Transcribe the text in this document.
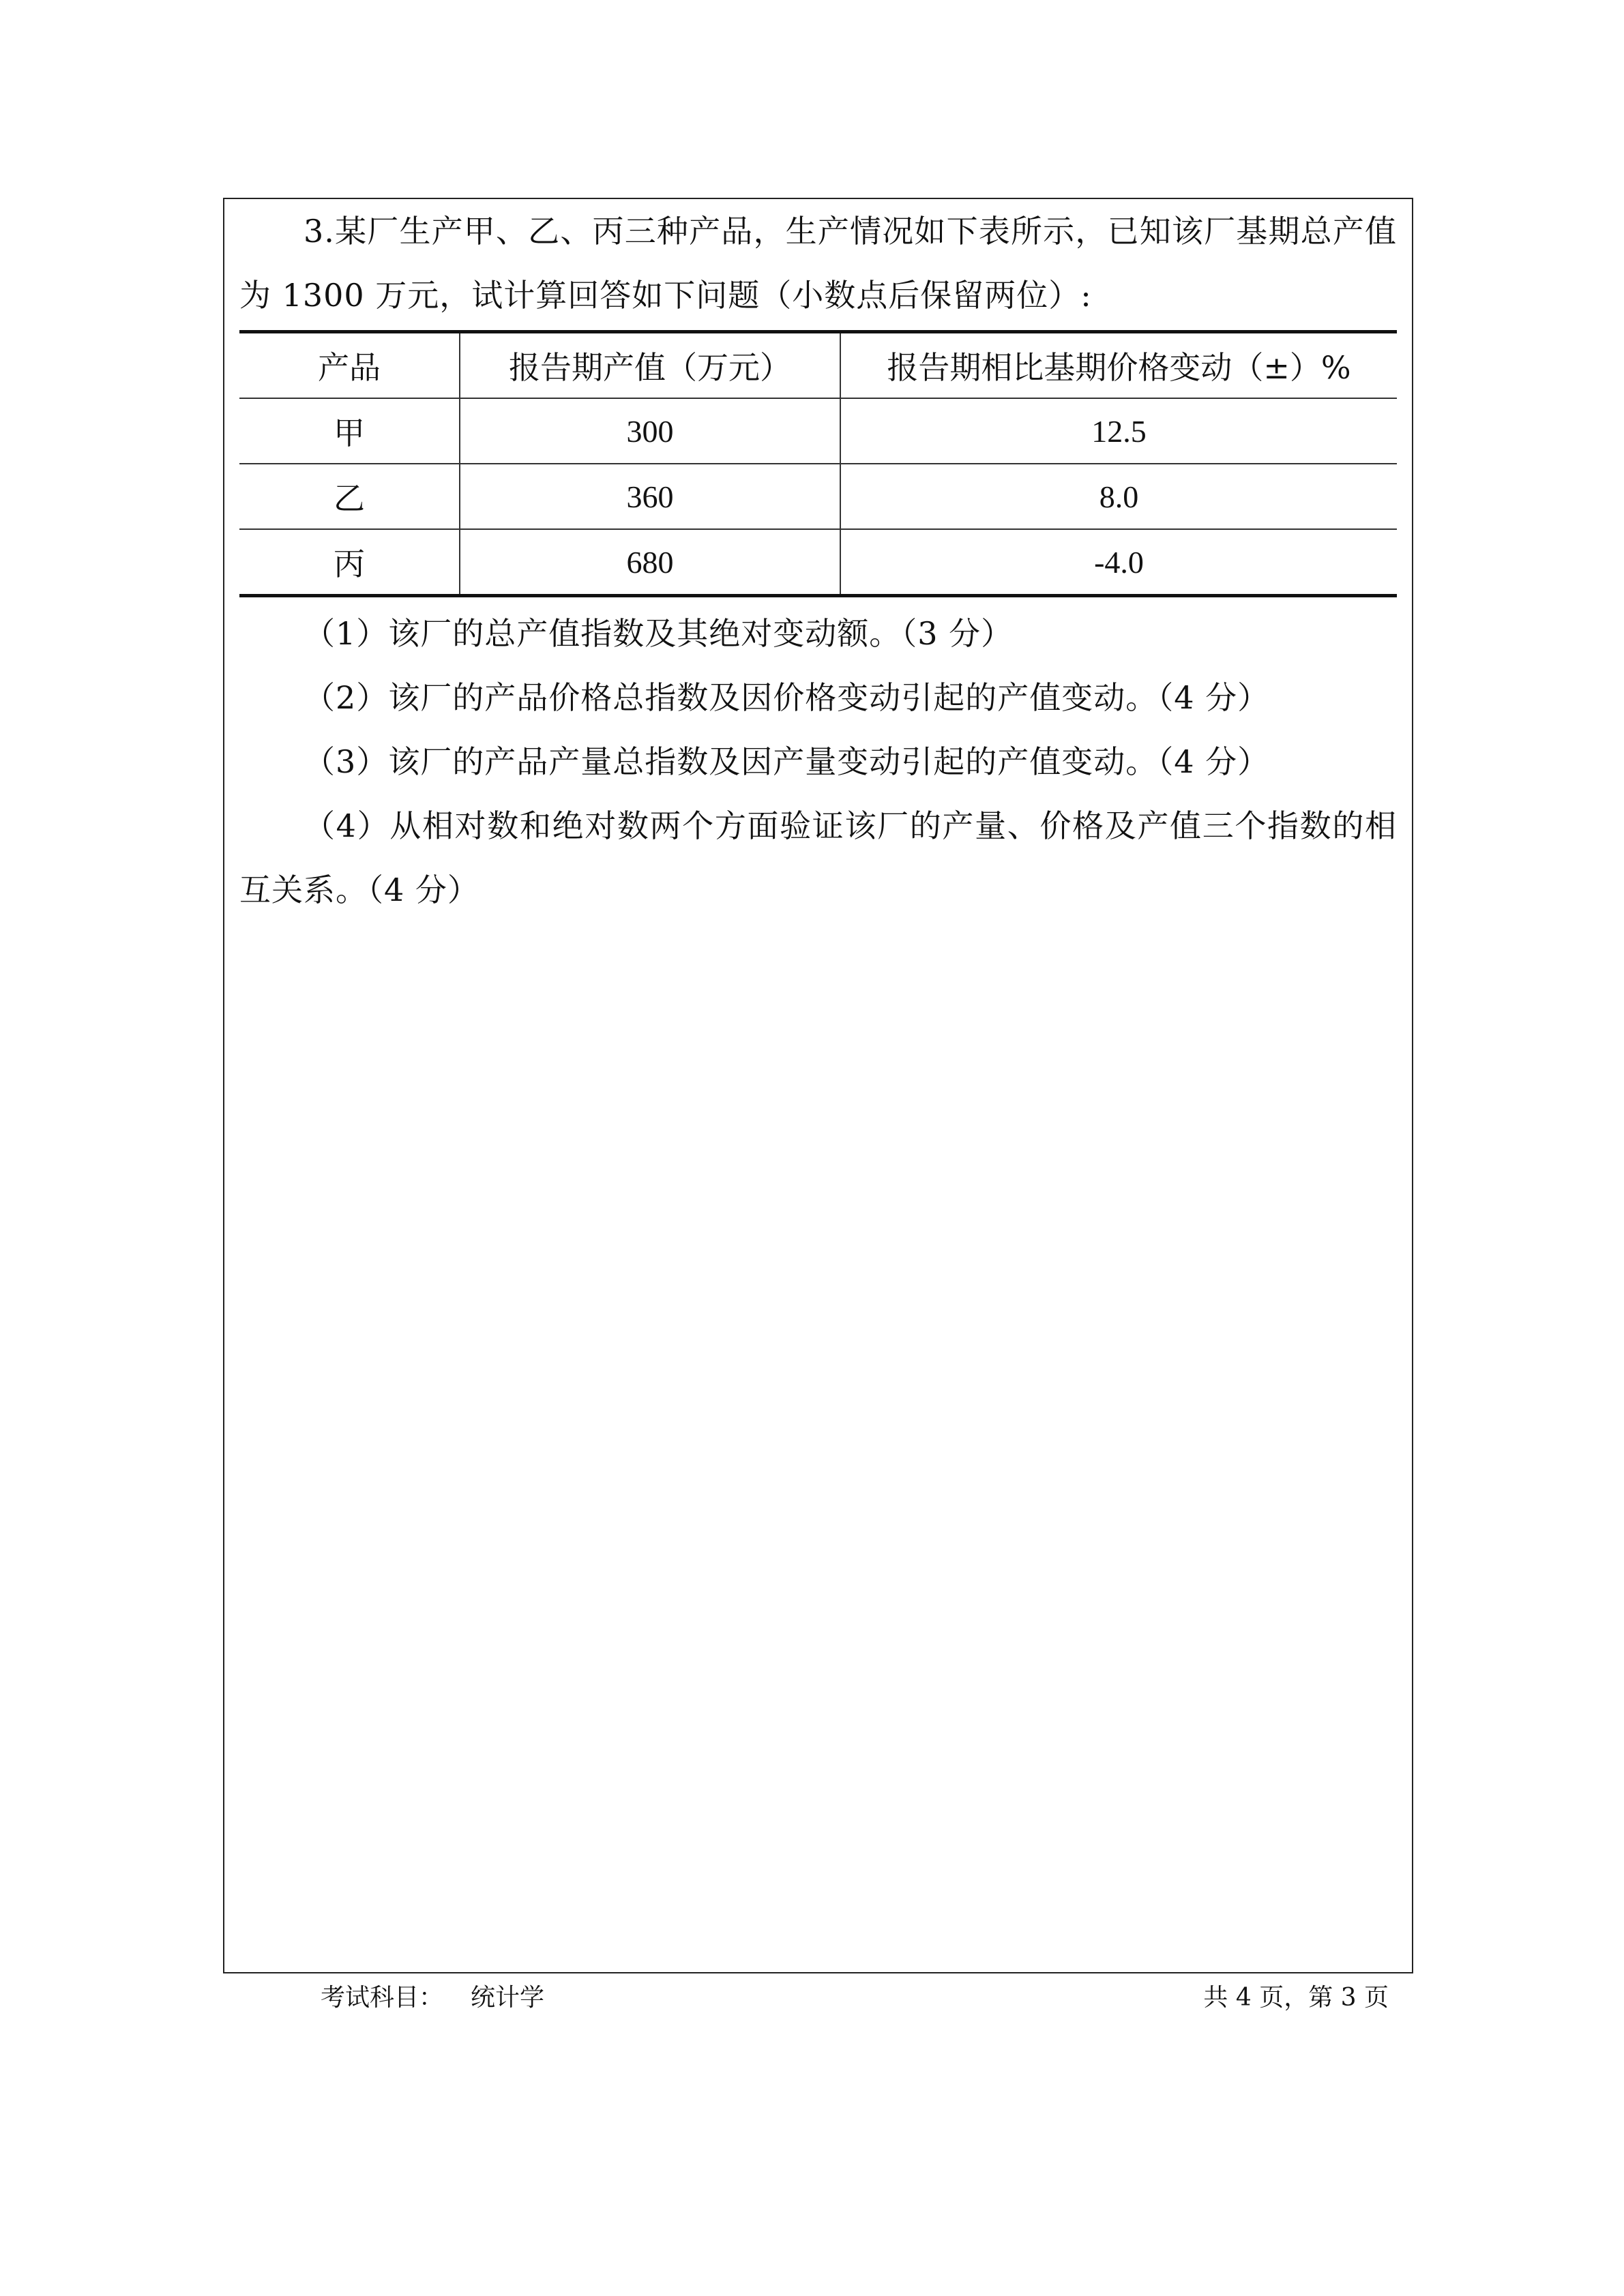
3.某厂生产甲、乙、丙三种产品，生产情况如下表所示，已知该厂基期总产值为 1300 万元，试计算回答如下问题（小数点后保留两位）:

产品	报告期产值（万元）	报告期相比基期价格变动（±）%
甲	300	12.5
乙	360	8.0
丙	680	-4.0

（1）该厂的总产值指数及其绝对变动额。（3 分）

（2）该厂的产品价格总指数及因价格变动引起的产值变动。（4 分）

（3）该厂的产品产量总指数及因产量变动引起的产值变动。（4 分）

（4）从相对数和绝对数两个方面验证该厂的产量、价格及产值三个指数的相互关系。（4 分）

考试科目： 统计学	共 4 页，第 3 页
